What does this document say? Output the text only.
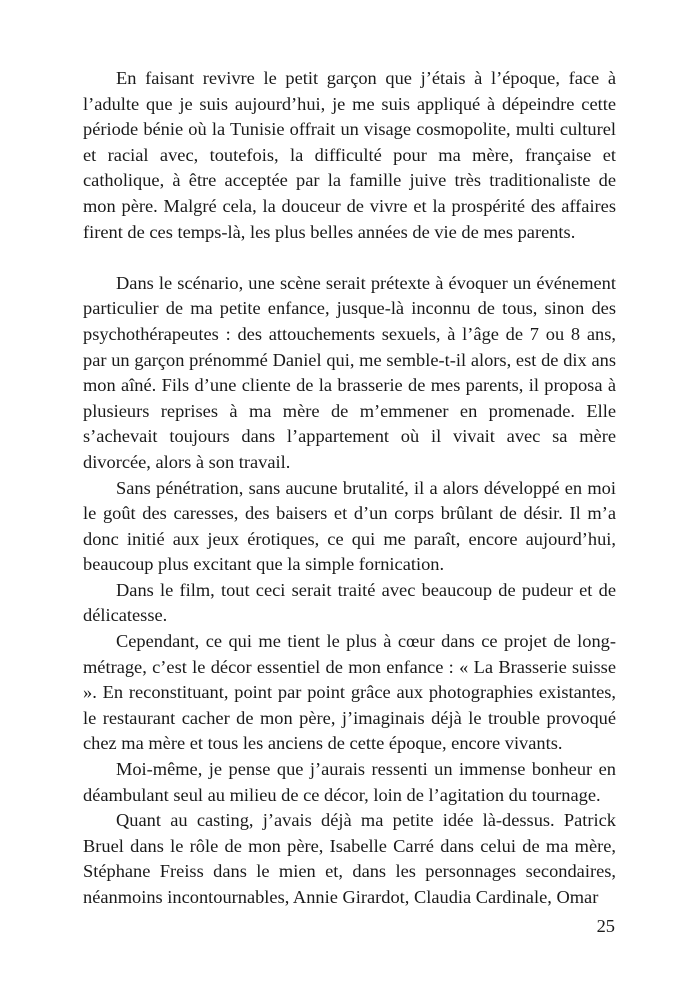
En faisant revivre le petit garçon que j’étais à l’époque, face à l’adulte que je suis aujourd’hui, je me suis appliqué à dépeindre cette période bénie où la Tunisie offrait un visage cosmopolite, multi culturel et racial avec, toutefois, la difficulté pour ma mère, française et catholique, à être acceptée par la famille juive très traditionaliste de mon père. Malgré cela, la douceur de vivre et la prospérité des affaires firent de ces temps-là, les plus belles années de vie de mes parents.

Dans le scénario, une scène serait prétexte à évoquer un événement particulier de ma petite enfance, jusque-là inconnu de tous, sinon des psychothérapeutes : des attouchements sexuels, à l’âge de 7 ou 8 ans, par un garçon prénommé Daniel qui, me semble-t-il alors, est de dix ans mon aîné. Fils d’une cliente de la brasserie de mes parents, il proposa à plusieurs reprises à ma mère de m’emmener en promenade. Elle s’achevait toujours dans l’appartement où il vivait avec sa mère divorcée, alors à son travail.

Sans pénétration, sans aucune brutalité, il a alors développé en moi le goût des caresses, des baisers et d’un corps brûlant de désir. Il m’a donc initié aux jeux érotiques, ce qui me paraît, encore aujourd’hui, beaucoup plus excitant que la simple fornication.

Dans le film, tout ceci serait traité avec beaucoup de pudeur et de délicatesse.

Cependant, ce qui me tient le plus à cœur dans ce projet de long-métrage, c’est le décor essentiel de mon enfance : « La Brasserie suisse ». En reconstituant, point par point grâce aux photographies existantes, le restaurant cacher de mon père, j’imaginais déjà le trouble provoqué chez ma mère et tous les anciens de cette époque, encore vivants.

Moi-même, je pense que j’aurais ressenti un immense bonheur en déambulant seul au milieu de ce décor, loin de l’agitation du tournage.

Quant au casting, j’avais déjà ma petite idée là-dessus. Patrick Bruel dans le rôle de mon père, Isabelle Carré dans celui de ma mère, Stéphane Freiss dans le mien et, dans les personnages secondaires, néanmoins incontournables, Annie Girardot, Claudia Cardinale, Omar

25
